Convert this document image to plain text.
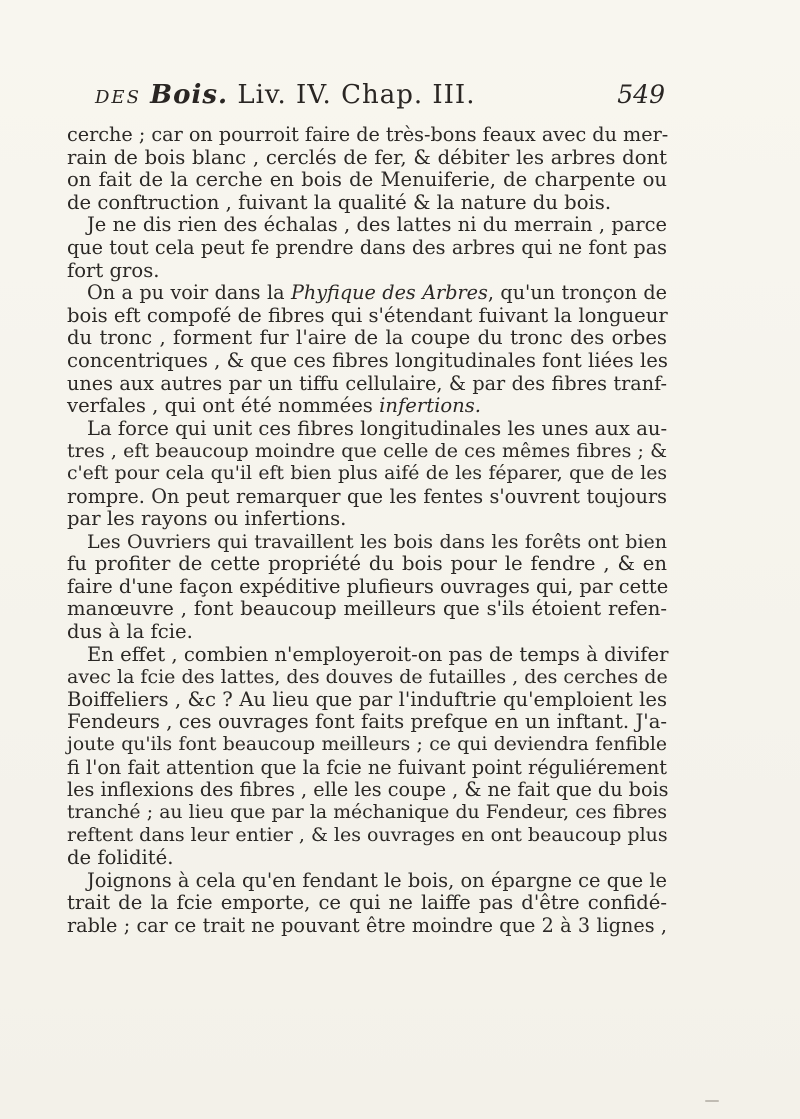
DES Bois. Liv. IV. Chap. III.	549
cerche ; car on pourroit faire de très-bons feaux avec du mer-
rain de bois blanc , cerclés de fer, & débiter les arbres dont
on fait de la cerche en bois de Menuiferie, de charpente ou
de conftruction , fuivant la qualité & la nature du bois.
Je ne dis rien des échalas , des lattes ni du merrain , parce
que tout cela peut fe prendre dans des arbres qui ne font pas
fort gros.
On a pu voir dans la Phyfique des Arbres, qu'un tronçon de
bois eft compofé de fibres qui s'étendant fuivant la longueur
du tronc , forment fur l'aire de la coupe du tronc des orbes
concentriques , & que ces fibres longitudinales font liées les
unes aux autres par un tiffu cellulaire, & par des fibres tranf-
verfales , qui ont été nommées infertions.
La force qui unit ces fibres longitudinales les unes aux au-
tres , eft beaucoup moindre que celle de ces mêmes fibres ; &
c'eft pour cela qu'il eft bien plus aifé de les féparer, que de les
rompre. On peut remarquer que les fentes s'ouvrent toujours
par les rayons ou infertions.
Les Ouvriers qui travaillent les bois dans les forêts ont bien
fu profiter de cette propriété du bois pour le fendre , & en
faire d'une façon expéditive plufieurs ouvrages qui, par cette
manœuvre , font beaucoup meilleurs que s'ils étoient refen-
dus à la fcie.
En effet , combien n'employeroit-on pas de temps à divifer
avec la fcie des lattes, des douves de futailles , des cerches de
Boiffeliers , &c ? Au lieu que par l'induftrie qu'emploient les
Fendeurs , ces ouvrages font faits prefque en un inftant. J'a-
joute qu'ils font beaucoup meilleurs ; ce qui deviendra fenfible
fi l'on fait attention que la fcie ne fuivant point réguliérement
les inflexions des fibres , elle les coupe , & ne fait que du bois
tranché ; au lieu que par la méchanique du Fendeur, ces fibres
reftent dans leur entier , & les ouvrages en ont beaucoup plus
de folidité.
Joignons à cela qu'en fendant le bois, on épargne ce que le
trait de la fcie emporte, ce qui ne laiffe pas d'être confidé-
rable ; car ce trait ne pouvant être moindre que 2 à 3 lignes ,
